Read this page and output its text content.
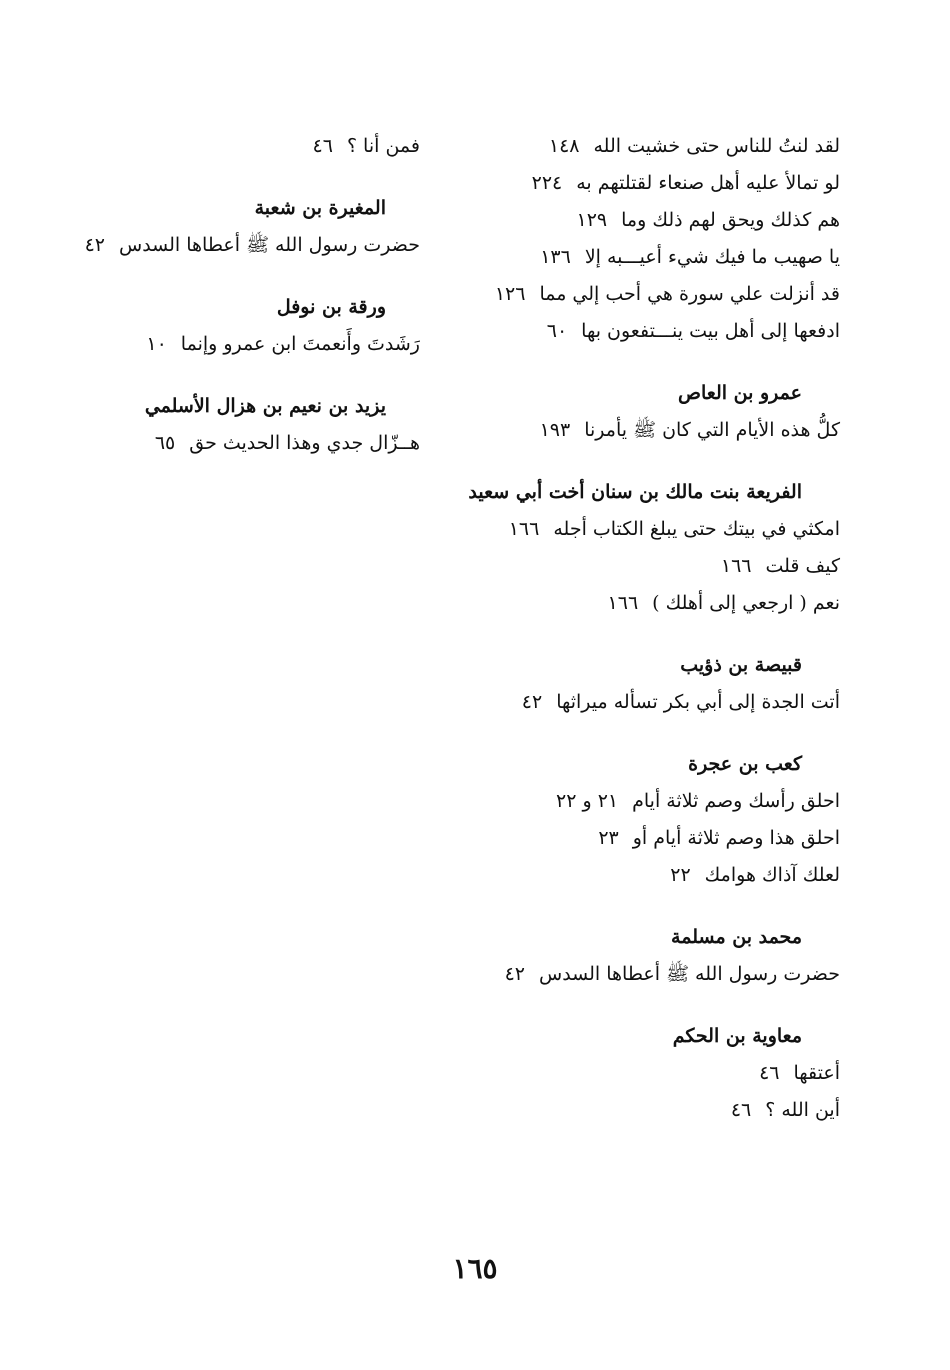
لقد لنتُ للناس حتى خشيت الله١٤٨
لو تمالأ عليه أهل صنعاء لقتلتهم به٢٢٤
هم كذلك ويحق لهم ذلك وما١٢٩
يا صهيب ما فيك شيء أعيـــبه إلا١٣٦
قد أنزلت علي سورة هي أحب إلي مما١٢٦
ادفعها إلى أهل بيت ينـــتفعون بها٦٠
عمرو بن العاص
كلُّ هذه الأيام التي كان ﷺ يأمرنا١٩٣
الفريعة بنت مالك بن سنان أخت أبي سعيد
امكثي في بيتك حتى يبلغ الكتاب أجله١٦٦
كيف قلت١٦٦
نعم ( ارجعي إلى أهلك )١٦٦
قبيصة بن ذؤيب
أتت الجدة إلى أبي بكر تسأله ميراثها٤٢
كعب بن عجرة
احلق رأسك وصم ثلاثة أيام٢١ و ٢٢
احلق هذا وصم ثلاثة أيام أو٢٣
لعلك آذاك هوامك٢٢
محمد بن مسلمة
حضرت رسول الله ﷺ أعطاها السدس٤٢
معاوية بن الحكم
أعتقها٤٦
أين الله ؟٤٦
فمن أنا ؟٤٦
المغيرة بن شعبة
حضرت رسول الله ﷺ أعطاها السدس٤٢
ورقة بن نوفل
رَشَدتَ وأَنعمتَ ابن عمرو وإنما١٠
يزيد بن نعيم بن هزال الأسلمي
هــزّال جدي وهذا الحديث حق٦٥
١٦٥
